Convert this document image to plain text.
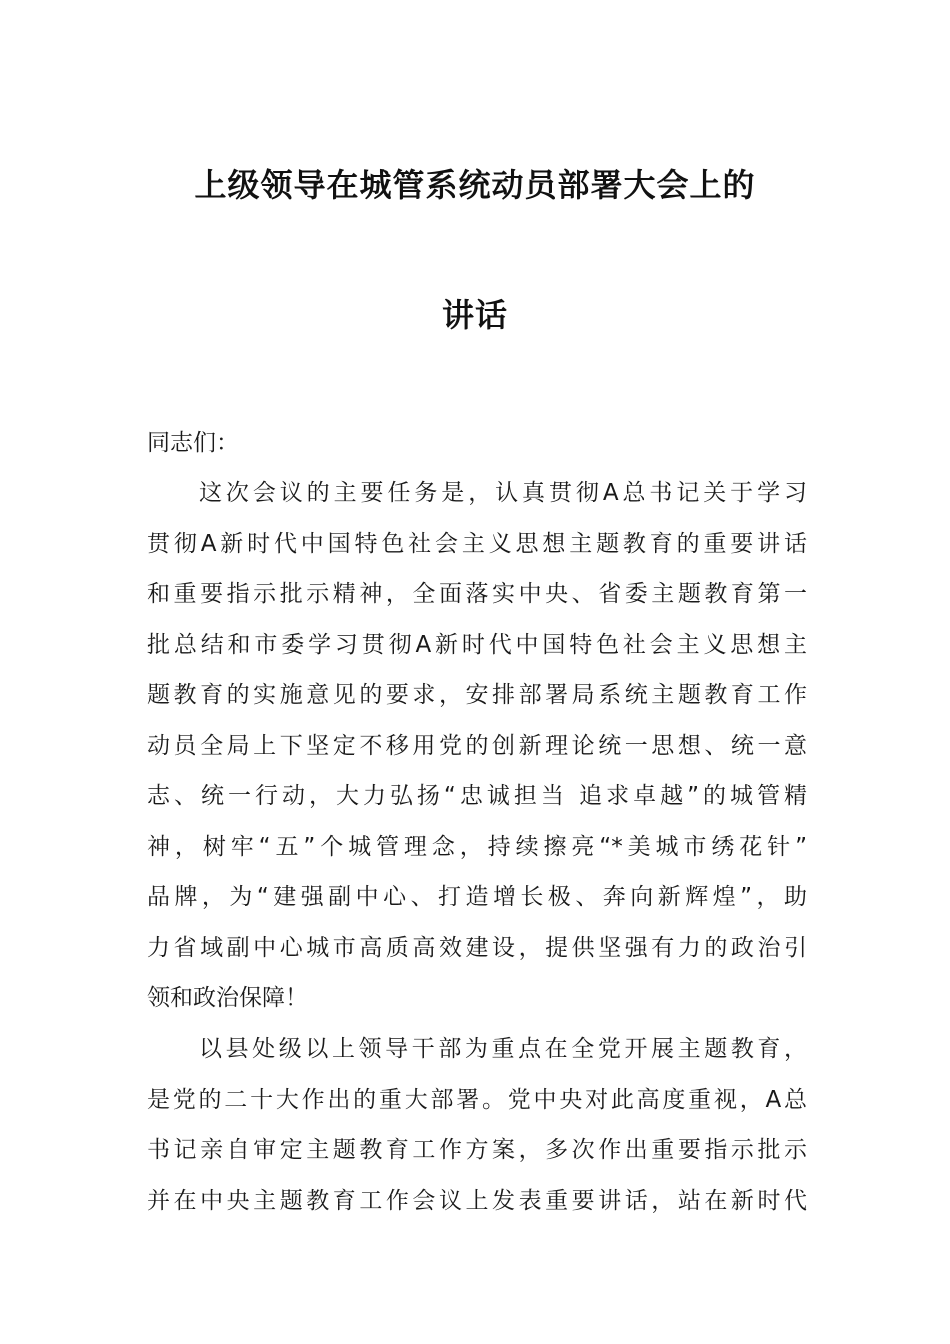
上级领导在城管系统动员部署大会上的
讲话
同志们：
这次会议的主要任务是，认真贯彻A总书记关于学习
贯彻A新时代中国特色社会主义思想主题教育的重要讲话
和重要指示批示精神，全面落实中央、省委主题教育第一
批总结和市委学习贯彻A新时代中国特色社会主义思想主
题教育的实施意见的要求，安排部署局系统主题教育工作
动员全局上下坚定不移用党的创新理论统一思想、统一意
志、统一行动，大力弘扬“忠诚担当 追求卓越”的城管精
神，树牢“五”个城管理念，持续擦亮“*美城市绣花针”
品牌，为“建强副中心、打造增长极、奔向新辉煌”，助
力省域副中心城市高质高效建设，提供坚强有力的政治引
领和政治保障！
以县处级以上领导干部为重点在全党开展主题教育，
是党的二十大作出的重大部署。党中央对此高度重视，A总
书记亲自审定主题教育工作方案，多次作出重要指示批示
并在中央主题教育工作会议上发表重要讲话，站在新时代
